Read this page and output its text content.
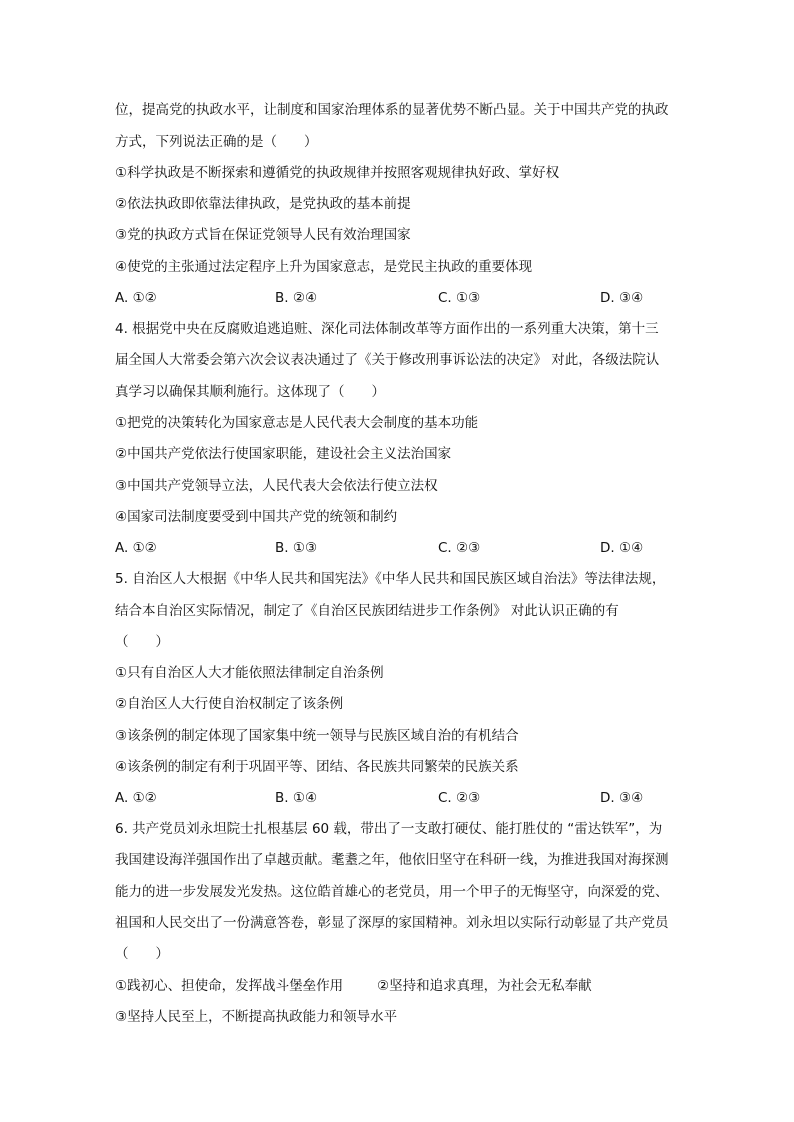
位，提高党的执政水平，让制度和国家治理体系的显著优势不断凸显。关于中国共产党的执政
方式，下列说法正确的是（　　）
①科学执政是不断探索和遵循党的执政规律并按照客观规律执好政、掌好权
②依法执政即依靠法律执政，是党执政的基本前提
③党的执政方式旨在保证党领导人民有效治理国家
④使党的主张通过法定程序上升为国家意志，是党民主执政的重要体现
A. ①②	B. ②④	C. ①③	D. ③④
4. 根据党中央在反腐败追逃追赃、深化司法体制改革等方面作出的一系列重大决策，第十三
届全国人大常委会第六次会议表决通过了《关于修改刑事诉讼法的决定》 对此，各级法院认
真学习以确保其顺利施行。这体现了（　　）
①把党的决策转化为国家意志是人民代表大会制度的基本功能
②中国共产党依法行使国家职能，建设社会主义法治国家
③中国共产党领导立法，人民代表大会依法行使立法权
④国家司法制度要受到中国共产党的统领和制约
A. ①②	B. ①③	C. ②③	D. ①④
5. 自治区人大根据《中华人民共和国宪法》《中华人民共和国民族区域自治法》等法律法规，
结合本自治区实际情况，制定了《自治区民族团结进步工作条例》 对此认识正确的有
（　　）
①只有自治区人大才能依照法律制定自治条例
②自治区人大行使自治权制定了该条例
③该条例的制定体现了国家集中统一领导与民族区域自治的有机结合
④该条例的制定有利于巩固平等、团结、各民族共同繁荣的民族关系
A. ①②	B. ①④	C. ②③	D. ③④
6. 共产党员刘永坦院士扎根基层 60 载，带出了一支敢打硬仗、能打胜仗的 “雷达铁军”，为
我国建设海洋强国作出了卓越贡献。耄耋之年，他依旧坚守在科研一线，为推进我国对海探测
能力的进一步发展发光发热。这位皓首雄心的老党员，用一个甲子的无悔坚守，向深爱的党、
祖国和人民交出了一份满意答卷，彰显了深厚的家国精神。刘永坦以实际行动彰显了共产党员
（　　）
①践初心、担使命，发挥战斗堡垒作用	②坚持和追求真理，为社会无私奉献
③坚持人民至上，不断提高执政能力和领导水平
